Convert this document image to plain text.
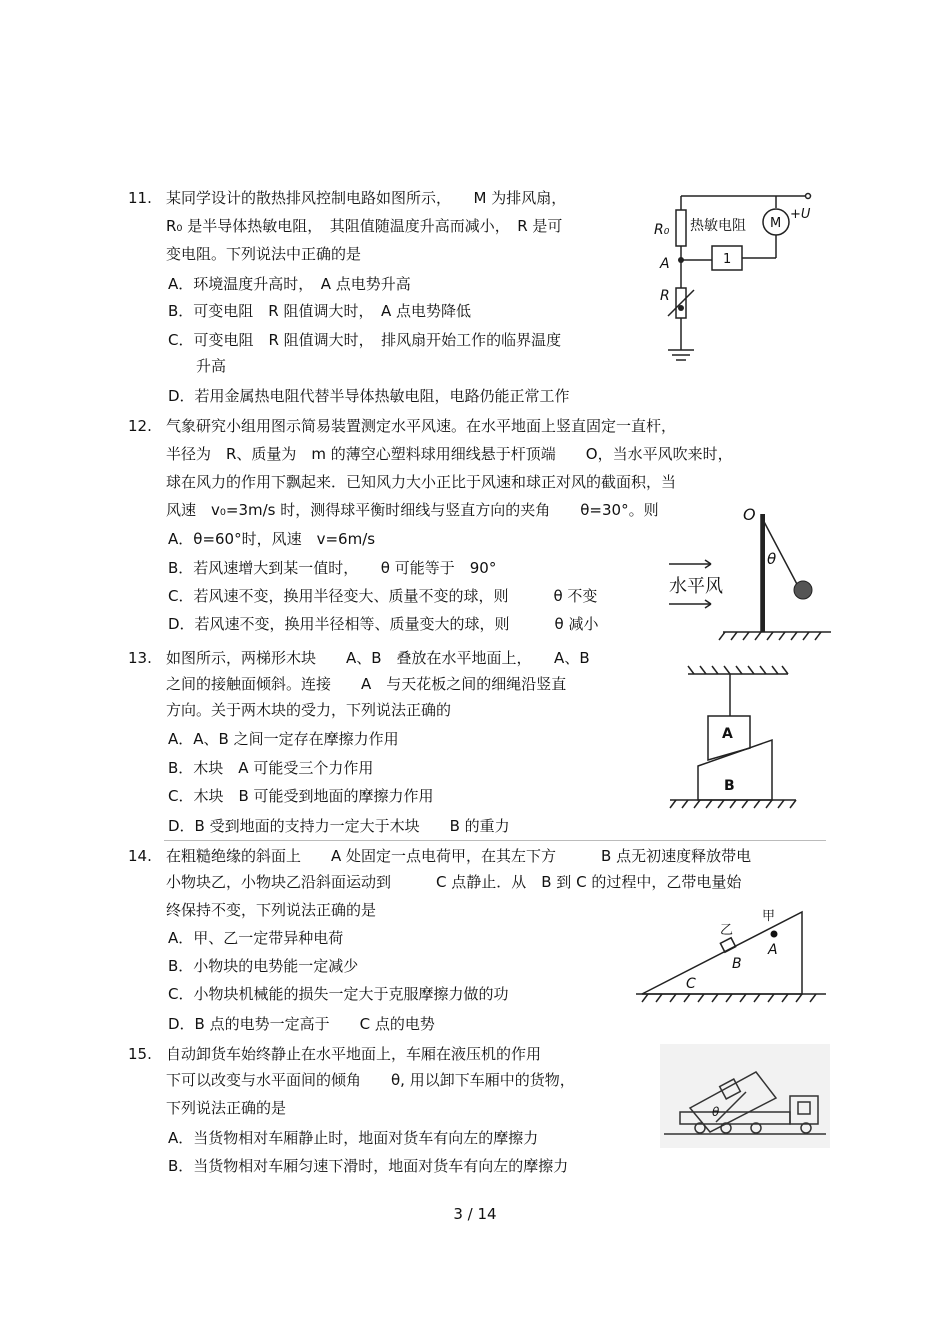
11. 某同学设计的散热排风控制电路如图所示，　　M 为排风扇，
R₀ 是半导体热敏电阻，　其阻值随温度升高而减小，　R 是可
变电阻。下列说法中正确的是
A．环境温度升高时，　A 点电势升高
B．可变电阻　R 阻值调大时，　A 点电势降低
C．可变电阻　R 阻值调大时，　排风扇开始工作的临界温度
升高
D．若用金属热电阻代替半导体热敏电阻，电路仍能正常工作
热敏电阻
R₀
A
R
M
+U
1
12. 气象研究小组用图示简易装置测定水平风速。在水平地面上竖直固定一直杆，
半径为　R、质量为　m 的薄空心塑料球用细线悬于杆顶端　　O，当水平风吹来时，
球在风力的作用下飘起来．已知风力大小正比于风速和球正对风的截面积，当
风速　v₀=3m/s 时，测得球平衡时细线与竖直方向的夹角　　θ=30°。则
A．θ=60°时，风速　v=6m/s
B．若风速增大到某一值时，　　θ 可能等于　90°
C．若风速不变，换用半径变大、质量不变的球，则　　　θ 不变
D．若风速不变，换用半径相等、质量变大的球，则　　　θ 减小
O
θ
水平风
13. 如图所示，两梯形木块　　A、B　叠放在水平地面上，　　A、B
之间的接触面倾斜。连接　　A　与天花板之间的细绳沿竖直
方向。关于两木块的受力，下列说法正确的
A．A、B 之间一定存在摩擦力作用
B．木块　A 可能受三个力作用
C．木块　B 可能受到地面的摩擦力作用
D．B 受到地面的支持力一定大于木块　　B 的重力
A
B
14. 在粗糙绝缘的斜面上　　A 处固定一点电荷甲，在其左下方　　　B 点无初速度释放带电
小物块乙，小物块乙沿斜面运动到　　　C 点静止．从　B 到 C 的过程中，乙带电量始
终保持不变，下列说法正确的是
A．甲、乙一定带异种电荷
B．小物块的电势能一定减少
C．小物块机械能的损失一定大于克服摩擦力做的功
D．B 点的电势一定高于　　C 点的电势
甲
乙
A
B
C
15. 自动卸货车始终静止在水平地面上，车厢在液压机的作用
下可以改变与水平面间的倾角　　θ, 用以卸下车厢中的货物，
下列说法正确的是
A．当货物相对车厢静止时，地面对货车有向左的摩擦力
B．当货物相对车厢匀速下滑时，地面对货车有向左的摩擦力
θ
3 / 14
